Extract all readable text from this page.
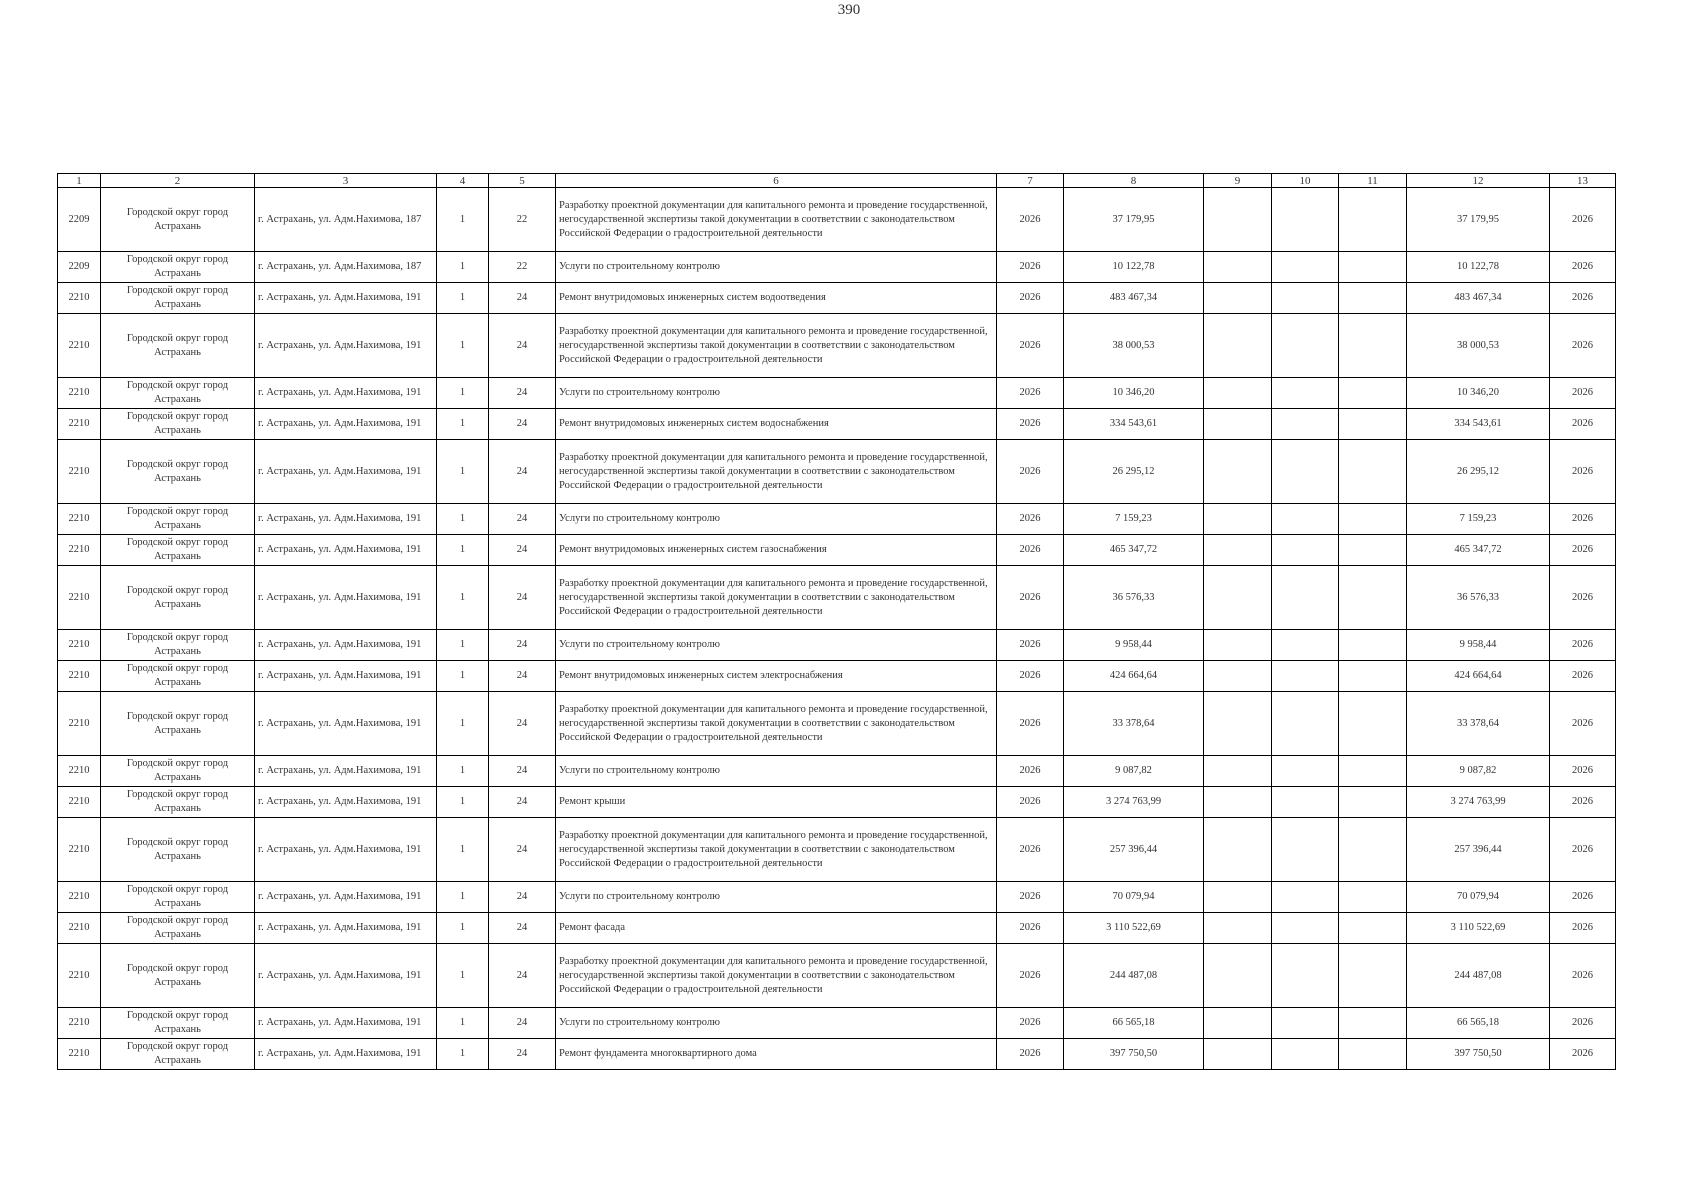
390
1	2	3	4	5	6	7	8	9	10	11	12	13
2209	Городской округ город Астрахань	г. Астрахань, ул. Адм.Нахимова, 187	1	22	Разработку проектной документации для капитального ремонта и проведение государственной, негосударственной экспертизы такой документации в соответствии с законодательством Российской Федерации о градостроительной деятельности	2026	37 179,95				37 179,95	2026
2209	Городской округ город Астрахань	г. Астрахань, ул. Адм.Нахимова, 187	1	22	Услуги по строительному контролю	2026	10 122,78				10 122,78	2026
2210	Городской округ город Астрахань	г. Астрахань, ул. Адм.Нахимова, 191	1	24	Ремонт внутридомовых инженерных систем водоотведения	2026	483 467,34				483 467,34	2026
2210	Городской округ город Астрахань	г. Астрахань, ул. Адм.Нахимова, 191	1	24	Разработку проектной документации для капитального ремонта и проведение государственной, негосударственной экспертизы такой документации в соответствии с законодательством Российской Федерации о градостроительной деятельности	2026	38 000,53				38 000,53	2026
2210	Городской округ город Астрахань	г. Астрахань, ул. Адм.Нахимова, 191	1	24	Услуги по строительному контролю	2026	10 346,20				10 346,20	2026
2210	Городской округ город Астрахань	г. Астрахань, ул. Адм.Нахимова, 191	1	24	Ремонт внутридомовых инженерных систем водоснабжения	2026	334 543,61				334 543,61	2026
2210	Городской округ город Астрахань	г. Астрахань, ул. Адм.Нахимова, 191	1	24	Разработку проектной документации для капитального ремонта и проведение государственной, негосударственной экспертизы такой документации в соответствии с законодательством Российской Федерации о градостроительной деятельности	2026	26 295,12				26 295,12	2026
2210	Городской округ город Астрахань	г. Астрахань, ул. Адм.Нахимова, 191	1	24	Услуги по строительному контролю	2026	7 159,23				7 159,23	2026
2210	Городской округ город Астрахань	г. Астрахань, ул. Адм.Нахимова, 191	1	24	Ремонт внутридомовых инженерных систем газоснабжения	2026	465 347,72				465 347,72	2026
2210	Городской округ город Астрахань	г. Астрахань, ул. Адм.Нахимова, 191	1	24	Разработку проектной документации для капитального ремонта и проведение государственной, негосударственной экспертизы такой документации в соответствии с законодательством Российской Федерации о градостроительной деятельности	2026	36 576,33				36 576,33	2026
2210	Городской округ город Астрахань	г. Астрахань, ул. Адм.Нахимова, 191	1	24	Услуги по строительному контролю	2026	9 958,44				9 958,44	2026
2210	Городской округ город Астрахань	г. Астрахань, ул. Адм.Нахимова, 191	1	24	Ремонт внутридомовых инженерных систем электроснабжения	2026	424 664,64				424 664,64	2026
2210	Городской округ город Астрахань	г. Астрахань, ул. Адм.Нахимова, 191	1	24	Разработку проектной документации для капитального ремонта и проведение государственной, негосударственной экспертизы такой документации в соответствии с законодательством Российской Федерации о градостроительной деятельности	2026	33 378,64				33 378,64	2026
2210	Городской округ город Астрахань	г. Астрахань, ул. Адм.Нахимова, 191	1	24	Услуги по строительному контролю	2026	9 087,82				9 087,82	2026
2210	Городской округ город Астрахань	г. Астрахань, ул. Адм.Нахимова, 191	1	24	Ремонт крыши	2026	3 274 763,99				3 274 763,99	2026
2210	Городской округ город Астрахань	г. Астрахань, ул. Адм.Нахимова, 191	1	24	Разработку проектной документации для капитального ремонта и проведение государственной, негосударственной экспертизы такой документации в соответствии с законодательством Российской Федерации о градостроительной деятельности	2026	257 396,44				257 396,44	2026
2210	Городской округ город Астрахань	г. Астрахань, ул. Адм.Нахимова, 191	1	24	Услуги по строительному контролю	2026	70 079,94				70 079,94	2026
2210	Городской округ город Астрахань	г. Астрахань, ул. Адм.Нахимова, 191	1	24	Ремонт фасада	2026	3 110 522,69				3 110 522,69	2026
2210	Городской округ город Астрахань	г. Астрахань, ул. Адм.Нахимова, 191	1	24	Разработку проектной документации для капитального ремонта и проведение государственной, негосударственной экспертизы такой документации в соответствии с законодательством Российской Федерации о градостроительной деятельности	2026	244 487,08				244 487,08	2026
2210	Городской округ город Астрахань	г. Астрахань, ул. Адм.Нахимова, 191	1	24	Услуги по строительному контролю	2026	66 565,18				66 565,18	2026
2210	Городской округ город Астрахань	г. Астрахань, ул. Адм.Нахимова, 191	1	24	Ремонт фундамента многоквартирного дома	2026	397 750,50				397 750,50	2026
